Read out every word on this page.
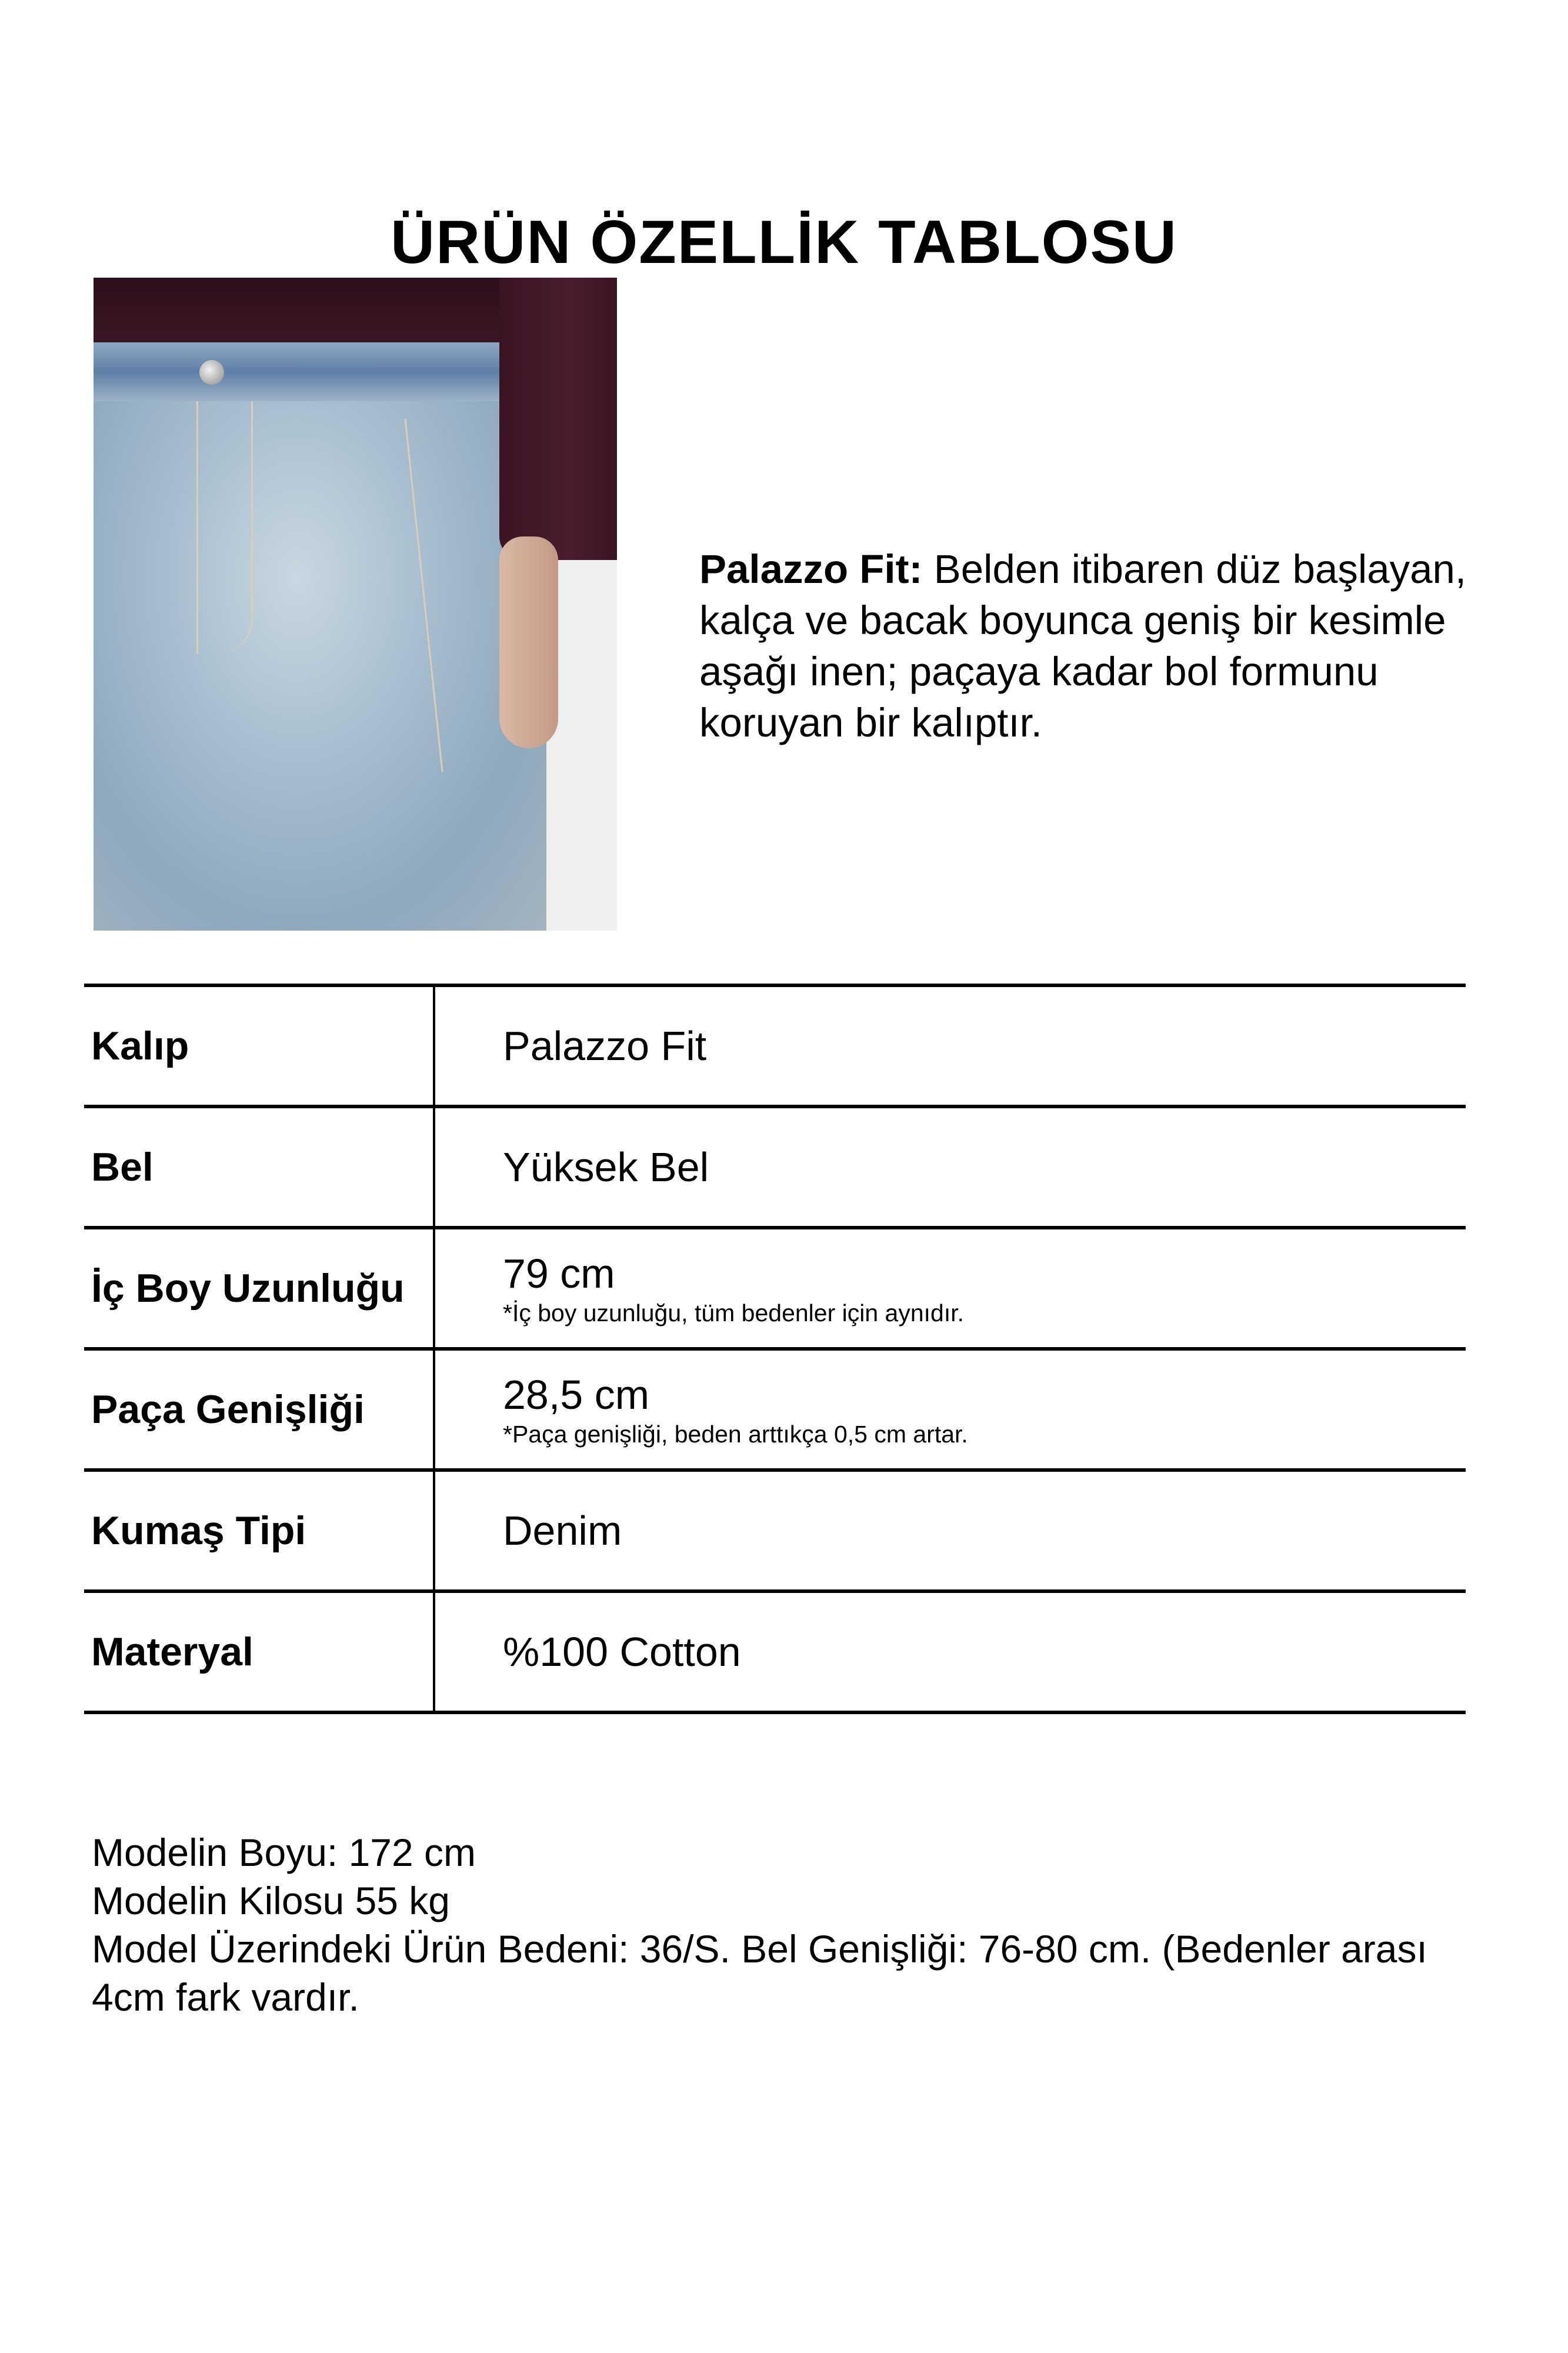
ÜRÜN ÖZELLİK TABLOSU

Palazzo Fit: Belden itibaren düz başlayan, kalça ve bacak boyunca geniş bir kesimle aşağı inen; paçaya kadar bol formunu koruyan bir kalıptır.

Kalıp	Palazzo Fit
Bel	Yüksek Bel
İç Boy Uzunluğu 79 cm
*İç boy uzunluğu, tüm bedenler için aynıdır.
Paça Genişliği	28,5 cm
*Paça genişliği, beden arttıkça 0,5 cm artar.
Kumaş Tipi	Denim
Materyal	%100 Cotton
Modelin Boyu: 172 cm
Modelin Kilosu 55 kg
Model Üzerindeki Ürün Bedeni: 36/S. Bel Genişliği: 76-80 cm. (Bedenler arası 4cm fark vardır.
